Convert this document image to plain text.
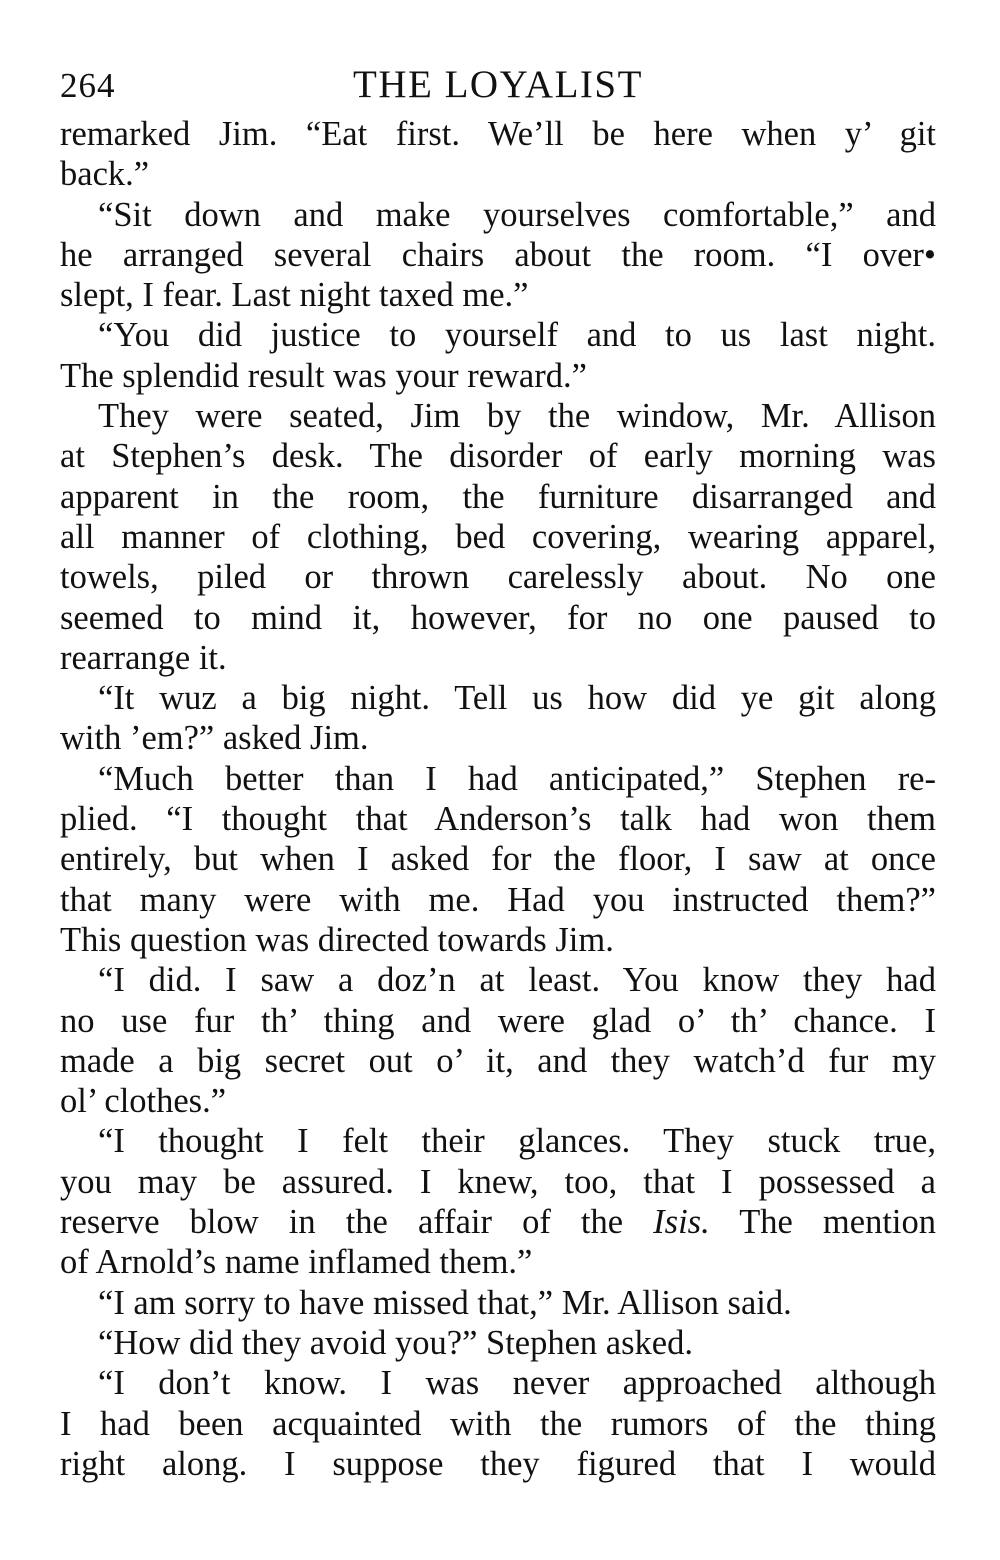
264	THE LOYALIST

remarked Jim. “Eat first. We’ll be here when y’ git
back.”

“Sit down and make yourselves comfortable,” and
he arranged several chairs about the room. “I over•
slept, I fear. Last night taxed me.”

“You did justice to yourself and to us last night.
The splendid result was your reward.”

They were seated, Jim by the window, Mr. Allison
at Stephen’s desk. The disorder of early morning was
apparent in the room, the furniture disarranged and
all manner of clothing, bed covering, wearing apparel,
towels, piled or thrown carelessly about. No one
seemed to mind it, however, for no one paused to
rearrange it.

“It wuz a big night. Tell us how did ye git along
with ’em?” asked Jim.

“Much better than I had anticipated,” Stephen re-
plied. “I thought that Anderson’s talk had won them
entirely, but when I asked for the floor, I saw at once
that many were with me. Had you instructed them?”
This question was directed towards Jim.

“I did. I saw a doz’n at least. You know they had
no use fur th’ thing and were glad o’ th’ chance. I
made a big secret out o’ it, and they watch’d fur my
ol’ clothes.”

“I thought I felt their glances. They stuck true,
you may be assured. I knew, too, that I possessed a
reserve blow in the affair of the Isis. The mention
of Arnold’s name inflamed them.”

“I am sorry to have missed that,” Mr. Allison said.

“How did they avoid you?” Stephen asked.

“I don’t know. I was never approached although
I had been acquainted with the rumors of the thing
right along. I suppose they figured that I would
